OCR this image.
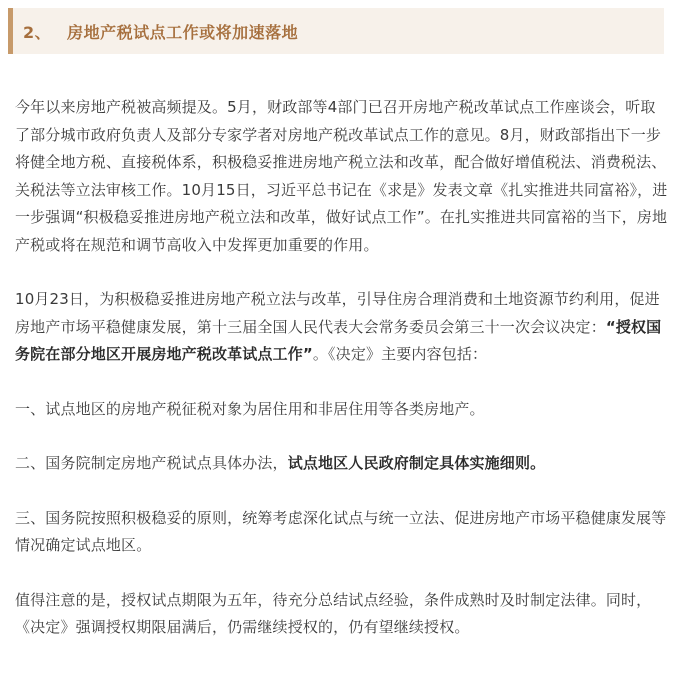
2、 房地产税试点工作或将加速落地

今年以来房地产税被高频提及。5月，财政部等4部门已召开房地产税改革试点工作座谈会，听取了部分城市政府负责人及部分专家学者对房地产税改革试点工作的意见。8月，财政部指出下一步将健全地方税、直接税体系，积极稳妥推进房地产税立法和改革，配合做好增值税法、消费税法、关税法等立法审核工作。10月15日，习近平总书记在《求是》发表文章《扎实推进共同富裕》，进一步强调“积极稳妥推进房地产税立法和改革，做好试点工作”。在扎实推进共同富裕的当下，房地产税或将在规范和调节高收入中发挥更加重要的作用。

10月23日，为积极稳妥推进房地产税立法与改革，引导住房合理消费和土地资源节约利用，促进房地产市场平稳健康发展，第十三届全国人民代表大会常务委员会第三十一次会议决定：“授权国务院在部分地区开展房地产税改革试点工作”。《决定》主要内容包括：

一、试点地区的房地产税征税对象为居住用和非居住用等各类房地产。

二、国务院制定房地产税试点具体办法，试点地区人民政府制定具体实施细则。

三、国务院按照积极稳妥的原则，统筹考虑深化试点与统一立法、促进房地产市场平稳健康发展等情况确定试点地区。

值得注意的是，授权试点期限为五年，待充分总结试点经验，条件成熟时及时制定法律。同时，《决定》强调授权期限届满后，仍需继续授权的，仍有望继续授权。
